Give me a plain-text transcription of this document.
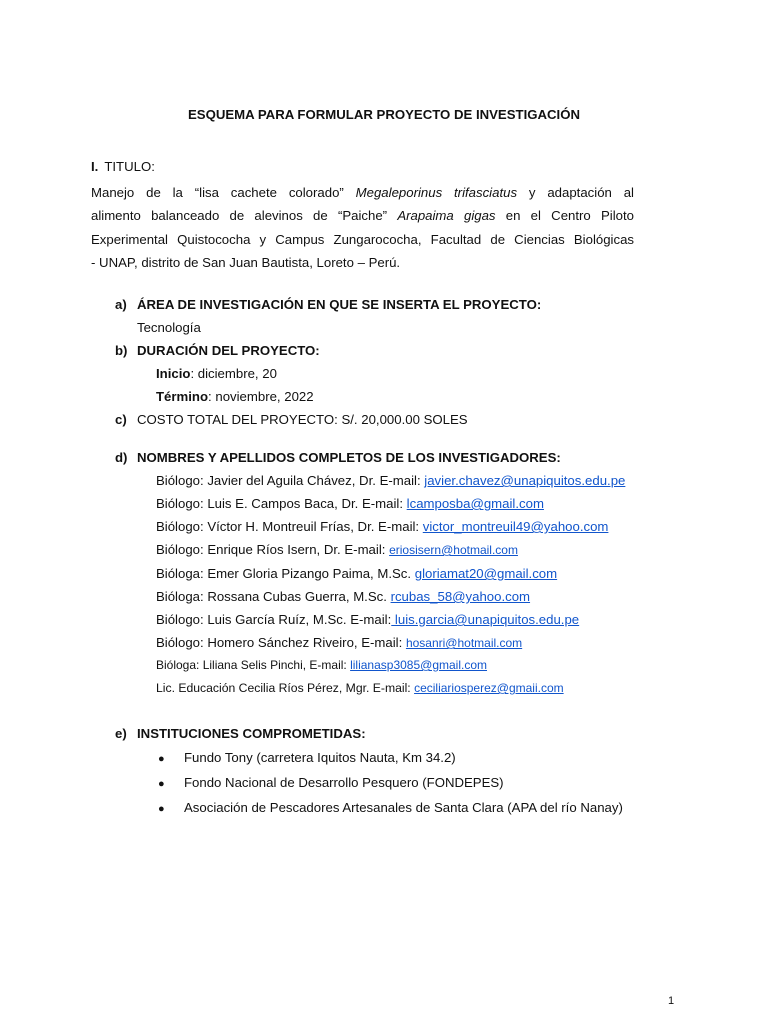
ESQUEMA PARA FORMULAR PROYECTO DE INVESTIGACIÓN
I. TITULO:
Manejo de la “lisa cachete colorado” Megaleporinus trifasciatus y adaptación al
alimento balanceado de alevinos de “Paiche” Arapaima gigas en el Centro Piloto
Experimental Quistococha y Campus Zungarococha, Facultad de Ciencias Biológicas
- UNAP, distrito de San Juan Bautista, Loreto – Perú.
a) ÁREA DE INVESTIGACIÓN EN QUE SE INSERTA EL PROYECTO:
Tecnología
b) DURACIÓN DEL PROYECTO:
Inicio: diciembre, 20
Término: noviembre, 2022
c) COSTO TOTAL DEL PROYECTO: S/. 20,000.00 SOLES
d) NOMBRES Y APELLIDOS COMPLETOS DE LOS INVESTIGADORES:
Biólogo: Javier del Aguila Chávez, Dr. E-mail: javier.chavez@unapiquitos.edu.pe
Biólogo: Luis E. Campos Baca, Dr. E-mail: lcamposba@gmail.com
Biólogo: Víctor H. Montreuil Frías, Dr. E-mail: victor_montreuil49@yahoo.com
Biólogo: Enrique Ríos Isern, Dr. E-mail: eriosisern@hotmail.com
Bióloga: Emer Gloria Pizango Paima, M.Sc. gloriamat20@gmail.com
Bióloga: Rossana Cubas Guerra, M.Sc. rcubas_58@yahoo.com
Biólogo: Luis García Ruíz, M.Sc. E-mail: luis.garcia@unapiquitos.edu.pe
Biólogo: Homero Sánchez Riveiro, E-mail: hosanri@hotmail.com
Bióloga: Liliana Selis Pinchi, E-mail: lilianasp3085@gmail.com
Lic. Educación Cecilia Ríos Pérez, Mgr. E-mail: ceciliariosperez@gmaii.com
e) INSTITUCIONES COMPROMETIDAS:
● Fundo Tony (carretera Iquitos Nauta, Km 34.2)
● Fondo Nacional de Desarrollo Pesquero (FONDEPES)
● Asociación de Pescadores Artesanales de Santa Clara (APA del río Nanay)
1
